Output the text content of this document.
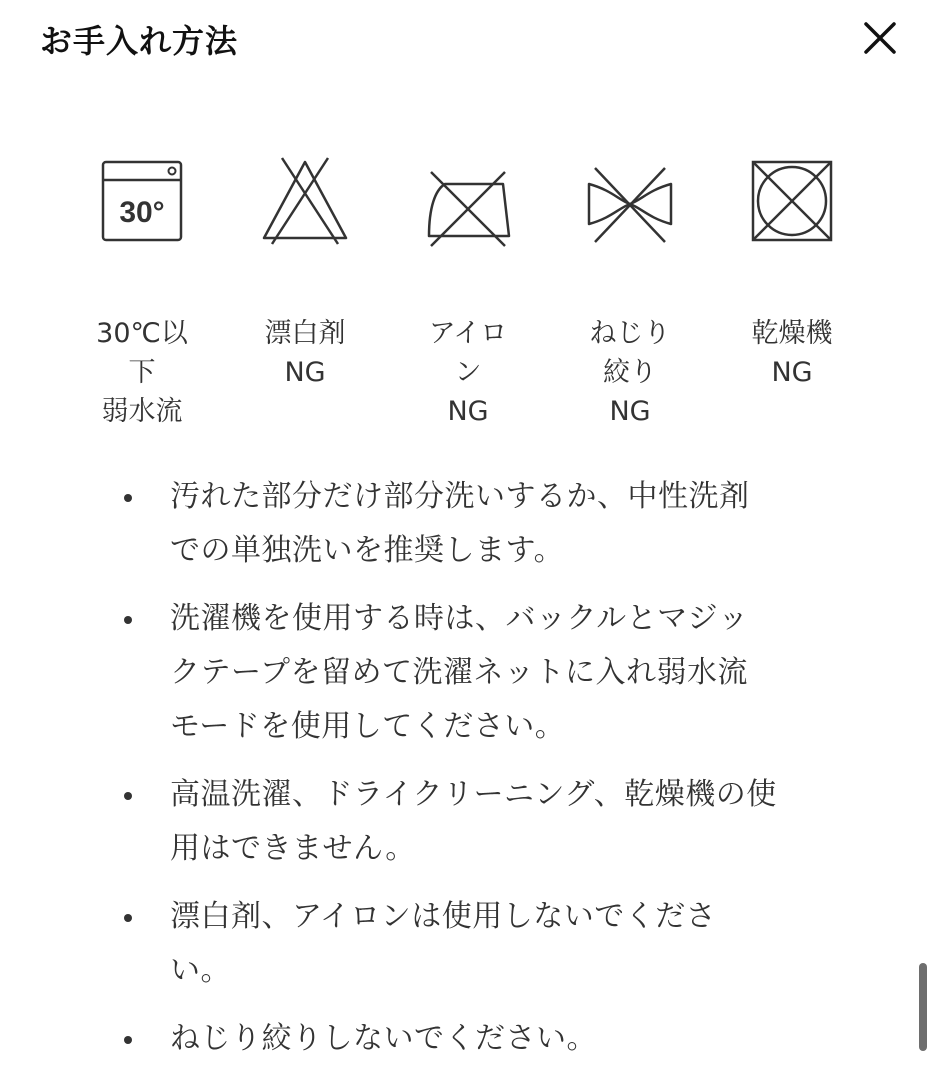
お手入れ方法
30°
30℃以
下
弱水流
漂白剤
NG
アイロ
ン
NG
ねじり
絞り
NG
乾燥機
NG
汚れた部分だけ部分洗いするか、中性洗剤
での単独洗いを推奨します。
洗濯機を使用する時は、バックルとマジッ
クテープを留めて洗濯ネットに入れ弱水流
モードを使用してください。
高温洗濯、ドライクリーニング、乾燥機の使
用はできません。
漂白剤、アイロンは使用しないでくださ
い。
ねじり絞りしないでください。
